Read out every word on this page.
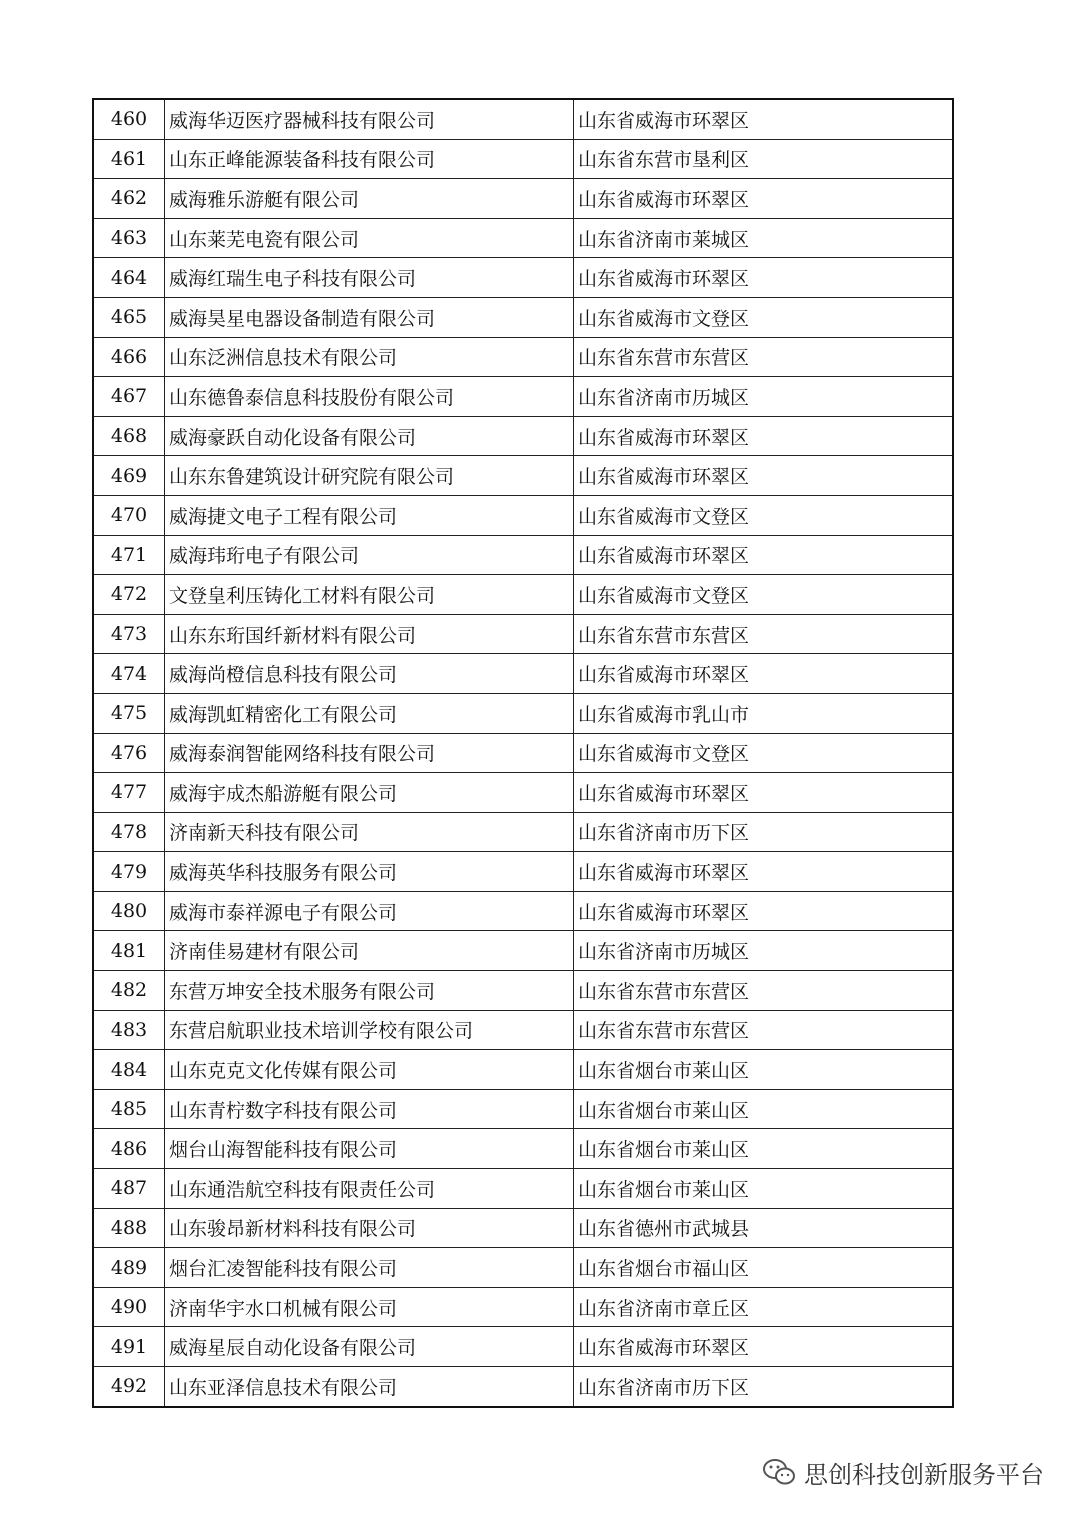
460	威海华迈医疗器械科技有限公司	山东省威海市环翠区
461	山东正峰能源装备科技有限公司	山东省东营市垦利区
462	威海雅乐游艇有限公司	山东省威海市环翠区
463	山东莱芜电瓷有限公司	山东省济南市莱城区
464	威海红瑞生电子科技有限公司	山东省威海市环翠区
465	威海昊星电器设备制造有限公司	山东省威海市文登区
466	山东泛洲信息技术有限公司	山东省东营市东营区
467	山东德鲁泰信息科技股份有限公司	山东省济南市历城区
468	威海豪跃自动化设备有限公司	山东省威海市环翠区
469	山东东鲁建筑设计研究院有限公司	山东省威海市环翠区
470	威海捷文电子工程有限公司	山东省威海市文登区
471	威海玮珩电子有限公司	山东省威海市环翠区
472	文登皇利压铸化工材料有限公司	山东省威海市文登区
473	山东东珩国纤新材料有限公司	山东省东营市东营区
474	威海尚橙信息科技有限公司	山东省威海市环翠区
475	威海凯虹精密化工有限公司	山东省威海市乳山市
476	威海泰润智能网络科技有限公司	山东省威海市文登区
477	威海宇成杰船游艇有限公司	山东省威海市环翠区
478	济南新天科技有限公司	山东省济南市历下区
479	威海英华科技服务有限公司	山东省威海市环翠区
480	威海市泰祥源电子有限公司	山东省威海市环翠区
481	济南佳易建材有限公司	山东省济南市历城区
482	东营万坤安全技术服务有限公司	山东省东营市东营区
483	东营启航职业技术培训学校有限公司	山东省东营市东营区
484	山东克克文化传媒有限公司	山东省烟台市莱山区
485	山东青柠数字科技有限公司	山东省烟台市莱山区
486	烟台山海智能科技有限公司	山东省烟台市莱山区
487	山东通浩航空科技有限责任公司	山东省烟台市莱山区
488	山东骏昂新材料科技有限公司	山东省德州市武城县
489	烟台汇凌智能科技有限公司	山东省烟台市福山区
490	济南华宇水口机械有限公司	山东省济南市章丘区
491	威海星辰自动化设备有限公司	山东省威海市环翠区
492	山东亚泽信息技术有限公司	山东省济南市历下区
思创科技创新服务平台
